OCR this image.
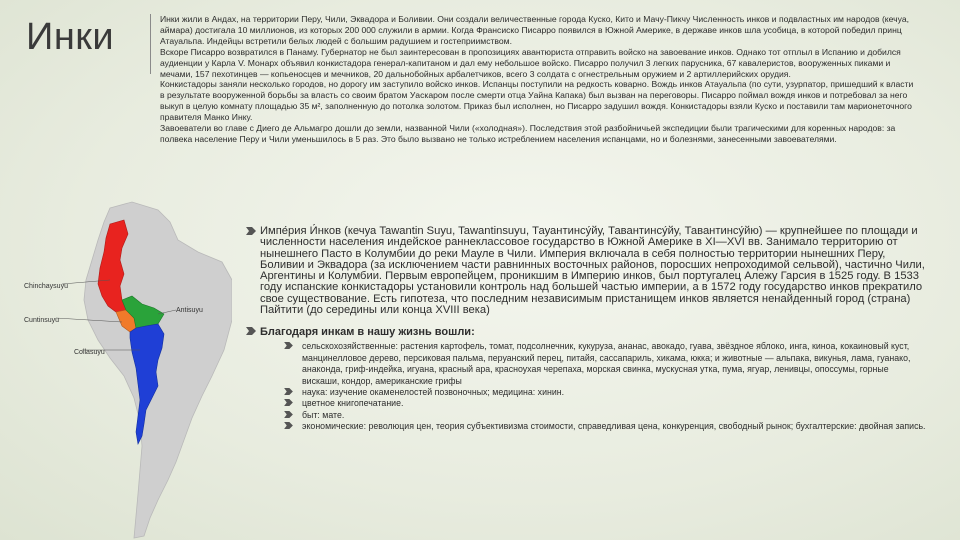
Инки	Инки жили в Андах, на территории Перу, Чили, Эквадора и Боливии. Они создали величественные города Куско, Кито и Мачу-Пикчу Численность инков и подвластных им народов (кечуа, аймара) достигала 10 миллионов, из которых 200 000 служили в армии. Когда Франсиско Писарро появился в Южной Америке, в державе инков шла усобица, в которой победил принц Атауальпа. Индейцы встретили белых людей с большим радушием и гостеприимством.

Вскоре Писарро возвратился в Панаму. Губернатор не был заинтересован в пропозициях авантюриста отправить войско на завоевание инков. Однако тот отплыл в Испанию и добился аудиенции у Карла V. Монарх объявил конкистадора генерал-капитаном и дал ему небольшое войско. Писарро получил 3 легких парусника, 67 кавалеристов, вооруженных пиками и мечами, 157 пехотинцев — копьеносцев и мечников, 20 дальнобойных арбалетчиков, всего 3 солдата с огнестрельным оружием и 2 артиллерийских орудия.

Конкистадоры заняли несколько городов, но дорогу им заступило войско инков. Испанцы поступили на редкость коварно. Вождь инков Атауальпа (по сути, узурпатор, пришедший к власти в результате вооруженной борьбы за власть со своим братом Уаскаром после смерти отца Уайна Капака) был вызван на переговоры. Писарро поймал вождя инков и потребовал за него выкуп в целую комнату площадью 35 м², заполненную до потолка золотом. Приказ был исполнен, но Писарро задушил вождя. Конкистадоры взяли Куско и поставили там марионеточного правителя Манко Инку.

Завоеватели во главе с Диего де Альмагро дошли до земли, названной Чили («холодная»). Последствия этой разбойничьей экспедиции были трагическими для коренных народов: за полвека население Перу и Чили уменьшилось в 5 раз. Это было вызвано не только истреблением населения испанцами, но и болезнями, занесенными завоевателями.

Chinchaysuyu
Antisuyu
Cuntinsuyu
Collasuyu

Импе́рия И́нков (кечуа Tawantin Suyu, Tawantinsuyu, Тауантинсу́йу, Тавантинсу́йу, Тавантинсу́йю) — крупнейшее по площади и численности населения индейское раннеклассовое государство в Южной Америке в XI—XVI вв. Занимало территорию от нынешнего Пасто в Колумбии до реки Мауле в Чили. Империя включала в себя полностью территории нынешних Перу, Боливии и Эквадора (за исключением части равнинных восточных районов, поросших непроходимой сельвой), частично Чили, Аргентины и Колумбии. Первым европейцем, проникшим в Империю инков, был португалец Алежу Гарсия в 1525 году. В 1533 году испанские конкистадоры установили контроль над большей частью империи, а в 1572 году государство инков прекратило свое существование. Есть гипотеза, что последним независимым пристанищем инков является ненайденный город (страна) Пайтити (до середины или конца XVIII века)

Благодаря инкам в нашу жизнь вошли:

сельскохозяйственные: растения картофель, томат, подсолнечник, кукуруза, ананас, авокадо, гуава, звёздное яблоко, инга, киноа, кокаиновый куст, манцинелловое дерево, персиковая пальма, перуанский перец, питайя, сассапариль, хикама, юкка; и животные — альпака, викунья, лама, гуанако, анаконда, гриф-индейка, игуана, красный ара, красноухая черепаха, морская свинка, мускусная утка, пума, ягуар, ленивцы, опоссумы, горные вискаши, кондор, американские грифы
наука: изучение окаменелостей позвоночных; медицина: хинин.
цветное книгопечатание.
быт: мате.
экономические: революция цен, теория субъективизма стоимости, справедливая цена, конкуренция, свободный рынок; бухгалтерские: двойная запись.
